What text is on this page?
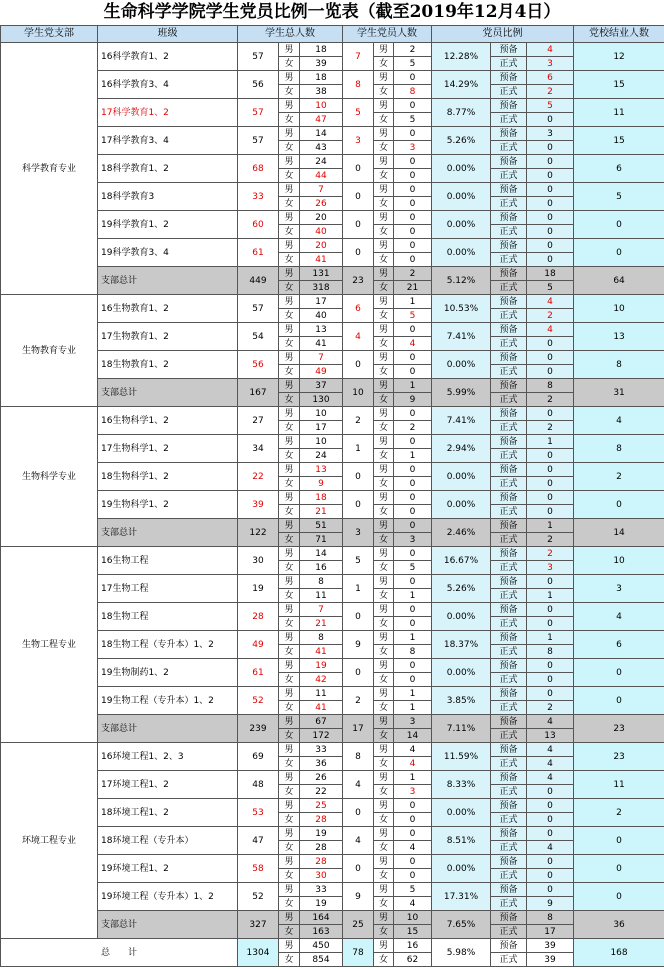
生命科学学院学生党员比例一览表（截至2019年12月4日）
学生党支部	班级	学生总人数			学生党员人数			党员比例			党校结业人数
科学教育专业	16科学教育1、2	57	男	18	7	男	2	12.28%	预备	4	12
			女	39		女	5		正式	3	
	16科学教育3、4	56	男	18	8	男	0	14.29%	预备	6	15
			女	38		女	8		正式	2	
	17科学教育1、2	57	男	10	5	男	0	8.77%	预备	5	11
			女	47		女	5		正式	0	
	17科学教育3、4	57	男	14	3	男	0	5.26%	预备	3	15
			女	43		女	3		正式	0	
	18科学教育1、2	68	男	24	0	男	0	0.00%	预备	0	6
			女	44		女	0		正式	0	
	18科学教育3	33	男	7	0	男	0	0.00%	预备	0	5
			女	26		女	0		正式	0	
	19科学教育1、2	60	男	20	0	男	0	0.00%	预备	0	0
			女	40		女	0		正式	0	
	19科学教育3、4	61	男	20	0	男	0	0.00%	预备	0	0
			女	41		女	0		正式	0	
	支部总计	449	男	131	23	男	2	5.12%	预备	18	64
			女	318		女	21		正式	5	
生物教育专业	16生物教育1、2	57	男	17	6	男	1	10.53%	预备	4	10
			女	40		女	5		正式	2	
	17生物教育1、2	54	男	13	4	男	0	7.41%	预备	4	13
			女	41		女	4		正式	0	
	18生物教育1、2	56	男	7	0	男	0	0.00%	预备	0	8
			女	49		女	0		正式	0	
	支部总计	167	男	37	10	男	1	5.99%	预备	8	31
			女	130		女	9		正式	2	
生物科学专业	16生物科学1、2	27	男	10	2	男	0	7.41%	预备	0	4
			女	17		女	2		正式	2	
	17生物科学1、2	34	男	10	1	男	0	2.94%	预备	1	8
			女	24		女	1		正式	0	
	18生物科学1、2	22	男	13	0	男	0	0.00%	预备	0	2
			女	9		女	0		正式	0	
	19生物科学1、2	39	男	18	0	男	0	0.00%	预备	0	0
			女	21		女	0		正式	0	
	支部总计	122	男	51	3	男	0	2.46%	预备	1	14
			女	71		女	3		正式	2	
生物工程专业	16生物工程	30	男	14	5	男	0	16.67%	预备	2	10
			女	16		女	5		正式	3	
	17生物工程	19	男	8	1	男	0	5.26%	预备	0	3
			女	11		女	1		正式	1	
	18生物工程	28	男	7	0	男	0	0.00%	预备	0	4
			女	21		女	0		正式	0	
	18生物工程（专升本）1、2	49	男	8	9	男	1	18.37%	预备	1	6
			女	41		女	8		正式	8	
	19生物制药1、2	61	男	19	0	男	0	0.00%	预备	0	0
			女	42		女	0		正式	0	
	19生物工程（专升本）1、2	52	男	11	2	男	1	3.85%	预备	0	0
			女	41		女	1		正式	2	
	支部总计	239	男	67	17	男	3	7.11%	预备	4	23
			女	172		女	14		正式	13	
环境工程专业	16环境工程1、2、3	69	男	33	8	男	4	11.59%	预备	4	23
			女	36		女	4		正式	4	
	17环境工程1、2	48	男	26	4	男	1	8.33%	预备	4	11
			女	22		女	3		正式	0	
	18环境工程1、2	53	男	25	0	男	0	0.00%	预备	0	2
			女	28		女	0		正式	0	
	18环境工程（专升本）	47	男	19	4	男	0	8.51%	预备	0	0
			女	28		女	4		正式	4	
	19环境工程1、2	58	男	28	0	男	0	0.00%	预备	0	0
			女	30		女	0		正式	0	
	19环境工程（专升本）1、2	52	男	33	9	男	5	17.31%	预备	0	0
			女	19		女	4		正式	9	
	支部总计	327	男	164	25	男	10	7.65%	预备	8	36
			女	163		女	15		正式	17	
总　　计		1304	男	450	78	男	16	5.98%	预备	39	168
			女	854		女	62		正式	39	
